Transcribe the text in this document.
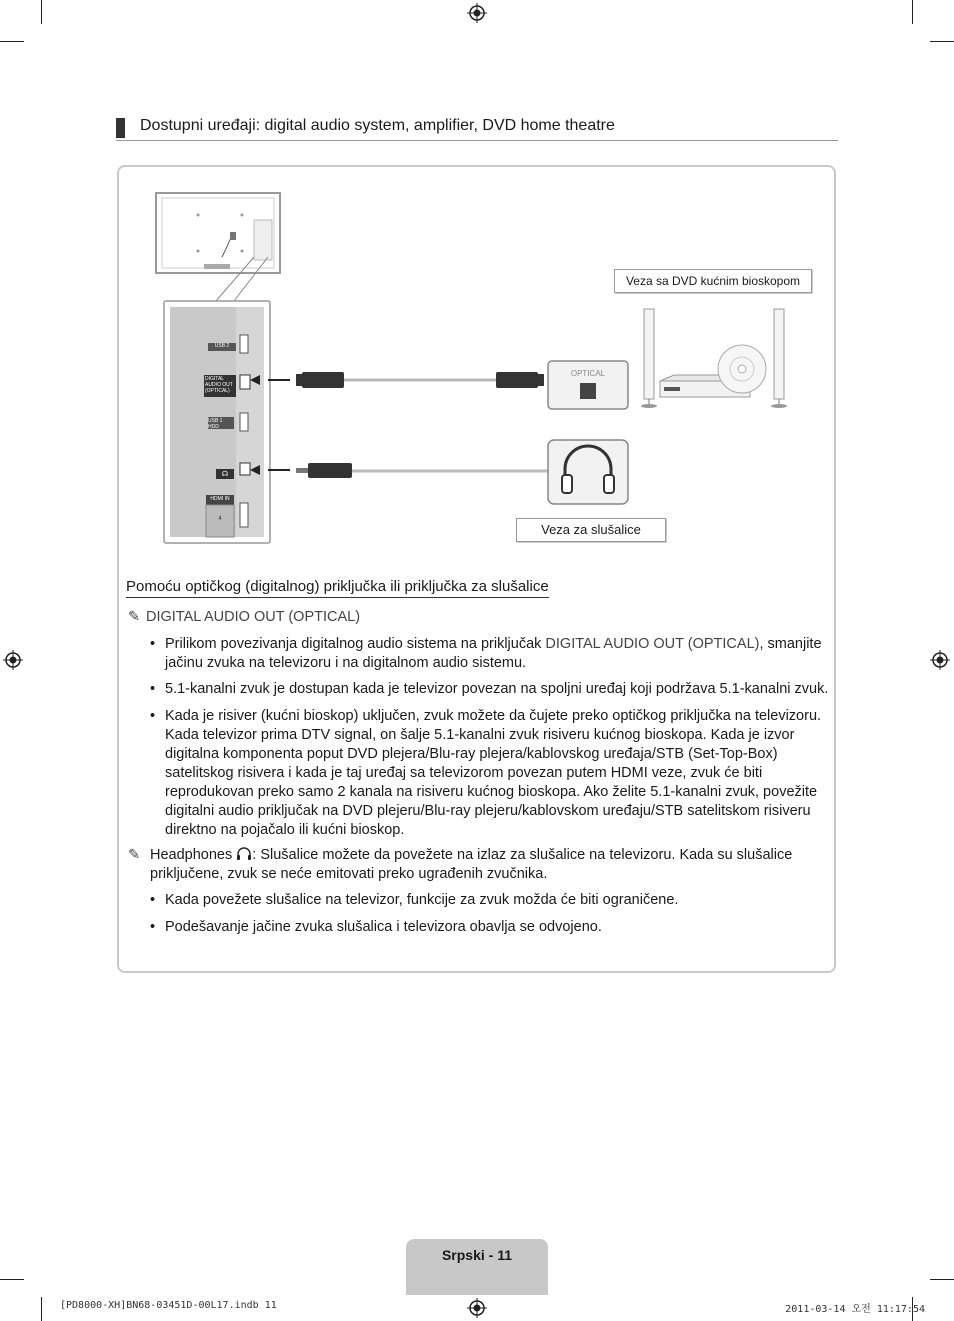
Dostupni uređaji: digital audio system, amplifier, DVD home theatre
USB 2
DIGITAL AUDIO OUT (OPTICAL)
USB 1 HDD
HDMI IN
4
☊
OPTICAL
Veza sa DVD kućnim bioskopom
Veza za slušalice
Pomoću optičkog (digitalnog) priključka ili priključka za slušalice
✎ DIGITAL AUDIO OUT (OPTICAL)
• Prilikom povezivanja digitalnog audio sistema na priključak DIGITAL AUDIO OUT (OPTICAL), smanjite jačinu zvuka na televizoru i na digitalnom audio sistemu.
• 5.1-kanalni zvuk je dostupan kada je televizor povezan na spoljni uređaj koji podržava 5.1-kanalni zvuk.
• Kada je risiver (kućni bioskop) uključen, zvuk možete da čujete preko optičkog priključka na televizoru. Kada televizor prima DTV signal, on šalje 5.1-kanalni zvuk risiveru kućnog bioskopa. Kada je izvor digitalna komponenta poput DVD plejera/Blu-ray plejera/kablovskog uređaja/STB (Set-Top-Box) satelitskog risivera i kada je taj uređaj sa televizorom povezan putem HDMI veze, zvuk će biti reprodukovan preko samo 2 kanala na risiveru kućnog bioskopa. Ako želite 5.1-kanalni zvuk, povežite digitalni audio priključak na DVD plejeru/Blu-ray plejeru/kablovskom uređaju/STB satelitskom risiveru direktno na pojačalo ili kućni bioskop.
✎ Headphones : Slušalice možete da povežete na izlaz za slušalice na televizoru. Kada su slušalice priključene, zvuk se neće emitovati preko ugrađenih zvučnika.
• Kada povežete slušalice na televizor, funkcije za zvuk možda će biti ograničene.
• Podešavanje jačine zvuka slušalica i televizora obavlja se odvojeno.
Srpski - 11
[PD8000-XH]BN68-03451D-00L17.indb 11	2011-03-14 오전 11:17:54
